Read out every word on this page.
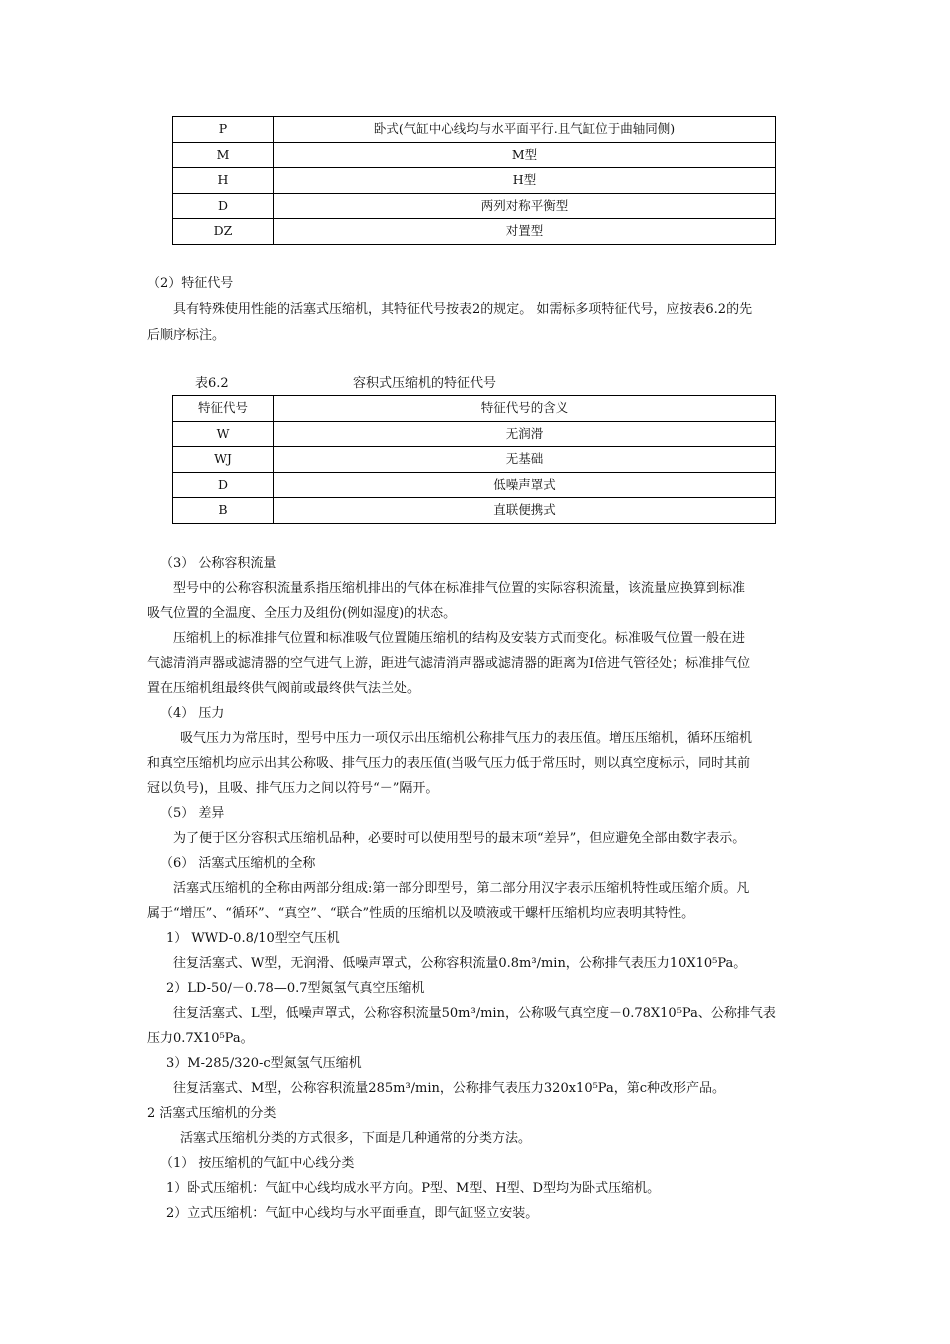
P	卧式(气缸中心线均与水平面平行.且气缸位于曲轴同侧)
M	M型
H	H型
D	两列对称平衡型
DZ	对置型
（2）特征代号
具有特殊使用性能的活塞式压缩机，其特征代号按表2的规定。 如需标多项特征代号，应按表6.2的先
后顺序标注。
表6.2	容积式压缩机的特征代号
特征代号	特征代号的含义
W	无润滑
WJ	无基础
D	低噪声罩式
B	直联便携式
（3） 公称容积流量
型号中的公称容积流量系指压缩机排出的气体在标准排气位置的实际容积流量，该流量应换算到标准
吸气位置的全温度、全压力及组份(例如湿度)的状态。
压缩机上的标准排气位置和标准吸气位置随压缩机的结构及安装方式而变化。标准吸气位置一般在进
气滤清消声器或滤清器的空气进气上游，距进气滤清消声器或滤清器的距离为I倍进气管径处；标准排气位
置在压缩机组最终供气阀前或最终供气法兰处。
（4） 压力
吸气压力为常压时，型号中压力一项仅示出压缩机公称排气压力的表压值。增压压缩机，循环压缩机
和真空压缩机均应示出其公称吸、排气压力的表压值(当吸气压力低于常压时，则以真空度标示，同时其前
冠以负号)，且吸、排气压力之间以符号“－”隔开。
（5） 差异
为了便于区分容积式压缩机品种，必要时可以使用型号的最末项“差异”，但应避免全部由数字表示。
（6） 活塞式压缩机的全称
活塞式压缩机的全称由两部分组成:第一部分即型号，第二部分用汉字表示压缩机特性或压缩介质。凡
属于“增压”、“循环”、“真空”、“联合”性质的压缩机以及喷液或干螺杆压缩机均应表明其特性。
1） WWD-0.8/10型空气压机
往复活塞式、W型，无润滑、低噪声罩式，公称容积流量0.8m³/min，公称排气表压力10X10⁵Pa。
2）LD-50/－0.78—0.7型氮氢气真空压缩机
往复活塞式、L型，低噪声罩式，公称容积流量50m³/min，公称吸气真空度－0.78X10⁵Pa、公称排气表
压力0.7X10⁵Pa。
3）M-285/320-c型氮氢气压缩机
往复活塞式、M型，公称容积流量285m³/min，公称排气表压力320x10⁵Pa，第c种改形产品。
2 活塞式压缩机的分类
活塞式压缩机分类的方式很多，下面是几种通常的分类方法。
（1） 按压缩机的气缸中心线分类
1）卧式压缩机：气缸中心线均成水平方向。P型、M型、H型、D型均为卧式压缩机。
2）立式压缩机：气缸中心线均与水平面垂直，即气缸竖立安装。
